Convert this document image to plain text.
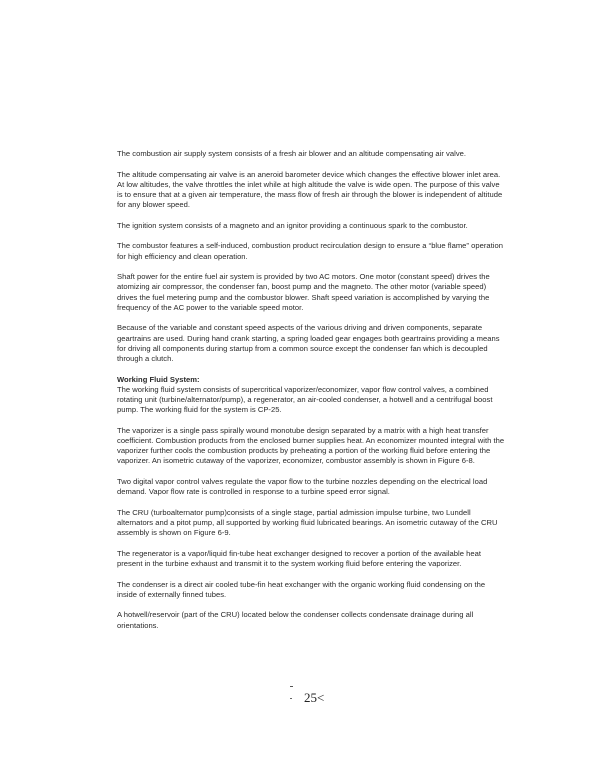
The combustion air supply system consists of a fresh air blower and an altitude compensating air valve.

The altitude compensating air valve is an aneroid barometer device which changes the effective blower inlet area. At low altitudes, the valve throttles the inlet while at high altitude the valve is wide open. The purpose of this valve is to ensure that at a given air temperature, the mass flow of fresh air through the blower is independent of altitude for any blower speed.

The ignition system consists of a magneto and an ignitor providing a continuous spark to the combustor.

The combustor features a self-induced, combustion product recirculation design to ensure a “blue flame” operation for high efficiency and clean operation.

Shaft power for the entire fuel air system is provided by two AC motors. One motor (constant speed) drives the atomizing air compressor, the condenser fan, boost pump and the magneto. The other motor (variable speed) drives the fuel metering pump and the combustor blower. Shaft speed variation is accomplished by varying the frequency of the AC power to the variable speed motor.

Because of the variable and constant speed aspects of the various driving and driven components, separate geartrains are used. During hand crank starting, a spring loaded gear engages both geartrains providing a means for driving all components during startup from a common source except the condenser fan which is decoupled through a clutch.

Working Fluid System:

The working fluid system consists of supercritical vaporizer/economizer, vapor flow control valves, a combined rotating unit (turbine/alternator/pump), a regenerator, an air-cooled condenser, a hotwell and a centrifugal boost pump. The working fluid for the system is CP-25.

The vaporizer is a single pass spirally wound monotube design separated by a matrix with a high heat transfer coefficient. Combustion products from the enclosed burner supplies heat. An economizer mounted integral with the vaporizer further cools the combustion products by preheating a portion of the working fluid before entering the vaporizer. An isometric cutaway of the vaporizer, economizer, combustor assembly is shown in Figure 6-8.

Two digital vapor control valves regulate the vapor flow to the turbine nozzles depending on the electrical load demand. Vapor flow rate is controlled in response to a turbine speed error signal.

The CRU (turboalternator pump)consists of a single stage, partial admission impulse turbine, two Lundell alternators and a pitot pump, all supported by working fluid lubricated bearings. An isometric cutaway of the CRU assembly is shown on Figure 6-9.

The regenerator is a vapor/liquid fin-tube heat exchanger designed to recover a portion of the available heat present in the turbine exhaust and transmit it to the system working fluid before entering the vaporizer.

The condenser is a direct air cooled tube-fin heat exchanger with the organic working fluid condensing on the inside of externally finned tubes.

A hotwell/reservoir (part of the CRU) located below the condenser collects condensate drainage during all orientations.

25<
